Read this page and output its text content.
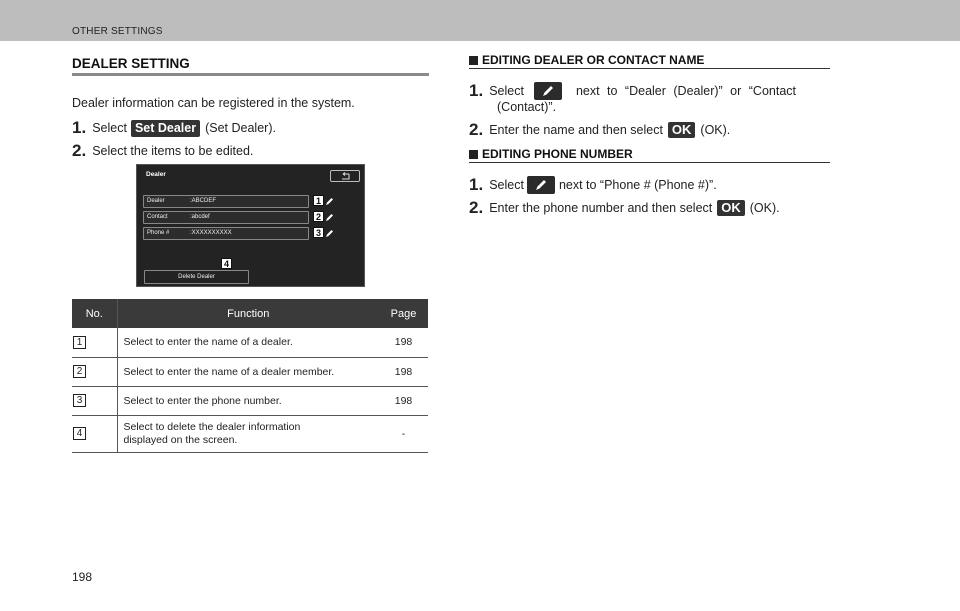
OTHER SETTINGS
DEALER SETTING
Dealer information can be registered in the system.
1. Select Set Dealer (Set Dealer).
2. Select the items to be edited.
Dealer
Dealer	:ABCDEF	1
Contact	:abcdef	2
Phone #	:XXXXXXXXXX	3
4
Delete Dealer
No.	Function	Page
1	Select to enter the name of a dealer.	198
2	Select to enter the name of a dealer member.	198
3	Select to enter the phone number.	198
4	Select to delete the dealer information
displayed on the screen.	-
EDITING DEALER OR CONTACT NAME
1. Select	next to “Dealer (Dealer)” or “Contact
(Contact)”.
2. Enter the name and then select OK (OK).
EDITING PHONE NUMBER
1. Select	next to “Phone # (Phone #)”.
2. Enter the phone number and then select OK (OK).
198
